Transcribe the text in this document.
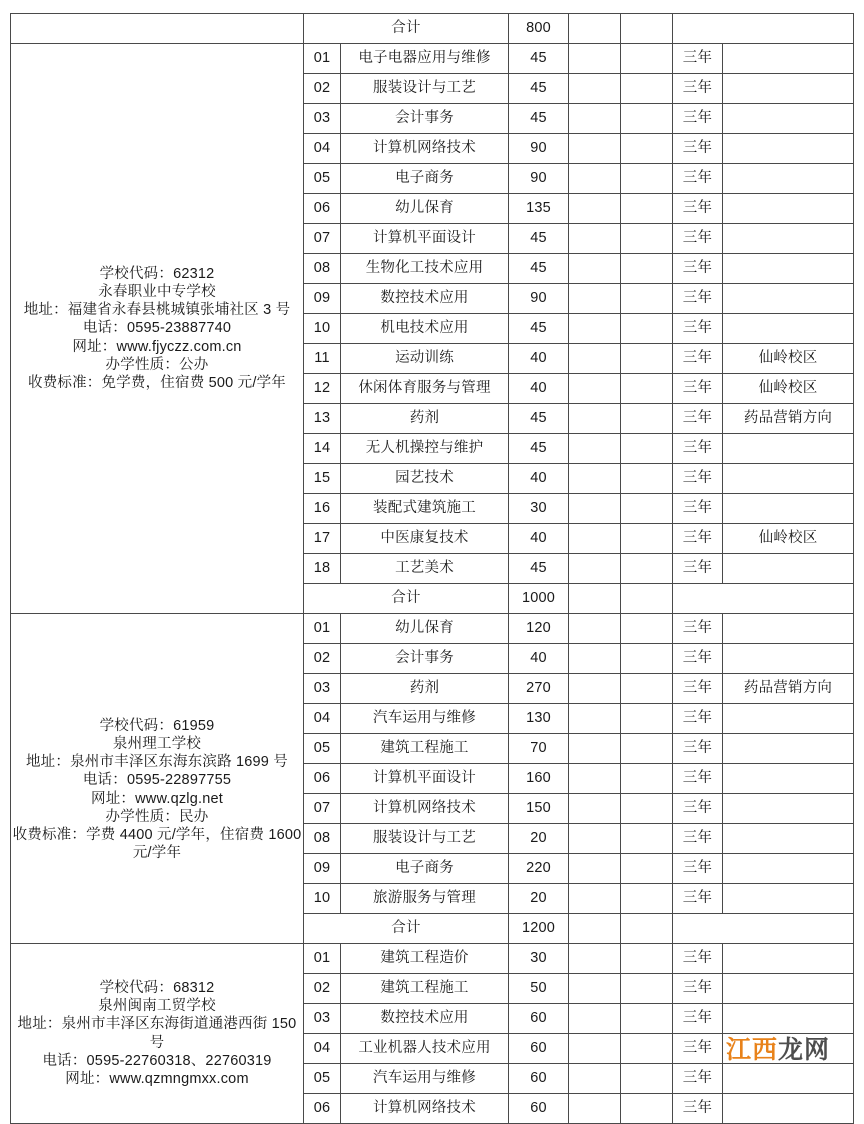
	合计		800				

学校代码：62312
永春职业中专学校
地址：福建省永春县桃城镇张埔社区 3 号
电话：0595-23887740
网址：www.fjyczz.com.cn
办学性质：公办
收费标准：免学费，住宿费 500 元/学年
	01	电子电器应用与维修	45			三年	
	02	服装设计与工艺	45			三年	
	03	会计事务	45			三年	
	04	计算机网络技术	90			三年	
	05	电子商务	90			三年	
	06	幼儿保育	135			三年	
	07	计算机平面设计	45			三年	
	08	生物化工技术应用	45			三年	
	09	数控技术应用	90			三年	
	10	机电技术应用	45			三年	
	11	运动训练	40			三年	仙岭校区
	12	休闲体育服务与管理	40			三年	仙岭校区
	13	药剂	45			三年	药品营销方向
	14	无人机操控与维护	45			三年	
	15	园艺技术	40			三年	
	16	装配式建筑施工	30			三年	
	17	中医康复技术	40			三年	仙岭校区
	18	工艺美术	45			三年	
	合计		1000				

学校代码：61959
泉州理工学校
地址：泉州市丰泽区东海东滨路 1699 号
电话：0595-22897755
网址：www.qzlg.net
办学性质：民办
收费标准：学费 4400 元/学年，住宿费 1600 元/学年
	01	幼儿保育	120			三年	
	02	会计事务	40			三年	
	03	药剂	270			三年	药品营销方向
	04	汽车运用与维修	130			三年	
	05	建筑工程施工	70			三年	
	06	计算机平面设计	160			三年	
	07	计算机网络技术	150			三年	
	08	服装设计与工艺	20			三年	
	09	电子商务	220			三年	
	10	旅游服务与管理	20			三年	
	合计		1200				

学校代码：68312
泉州闽南工贸学校
地址：泉州市丰泽区东海街道通港西街 150 号
电话：0595-22760318、22760319
网址：www.qzmngmxx.com	01	建筑工程造价	30			三年	
	02	建筑工程施工	50			三年	
	03	数控技术应用	60			三年	
	04	工业机器人技术应用	60			三年	
	05	汽车运用与维修	60			三年	
	06	计算机网络技术	60			三年	
江西龙网
